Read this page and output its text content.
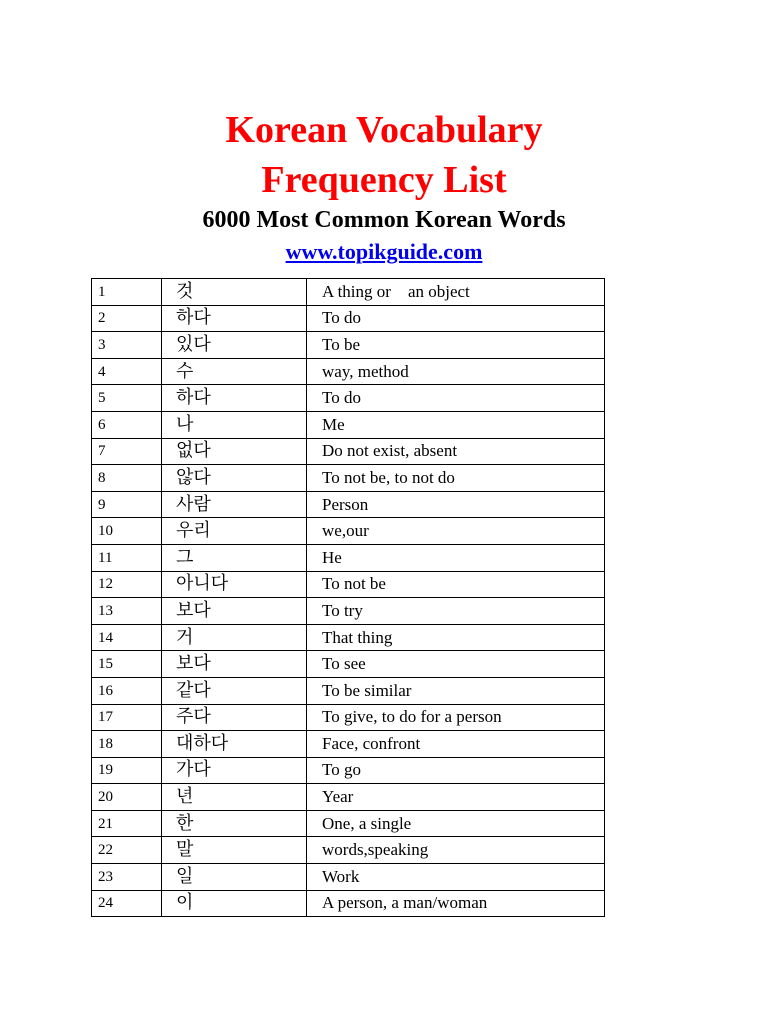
Korean Vocabulary
Frequency List
6000 Most Common Korean Words
www.topikguide.com
1	것	A thing or    an object
2	하다	To do
3	있다	To be
4	수	way, method
5	하다	To do
6	나	Me
7	없다	Do not exist, absent
8	않다	To not be, to not do
9	사람	Person
10	우리	we,our
11	그	He
12	아니다	To not be
13	보다	To try
14	거	That thing
15	보다	To see
16	같다	To be similar
17	주다	To give, to do for a person
18	대하다	Face, confront
19	가다	To go
20	년	Year
21	한	One, a single
22	말	words,speaking
23	일	Work
24	이	A person, a man/woman
